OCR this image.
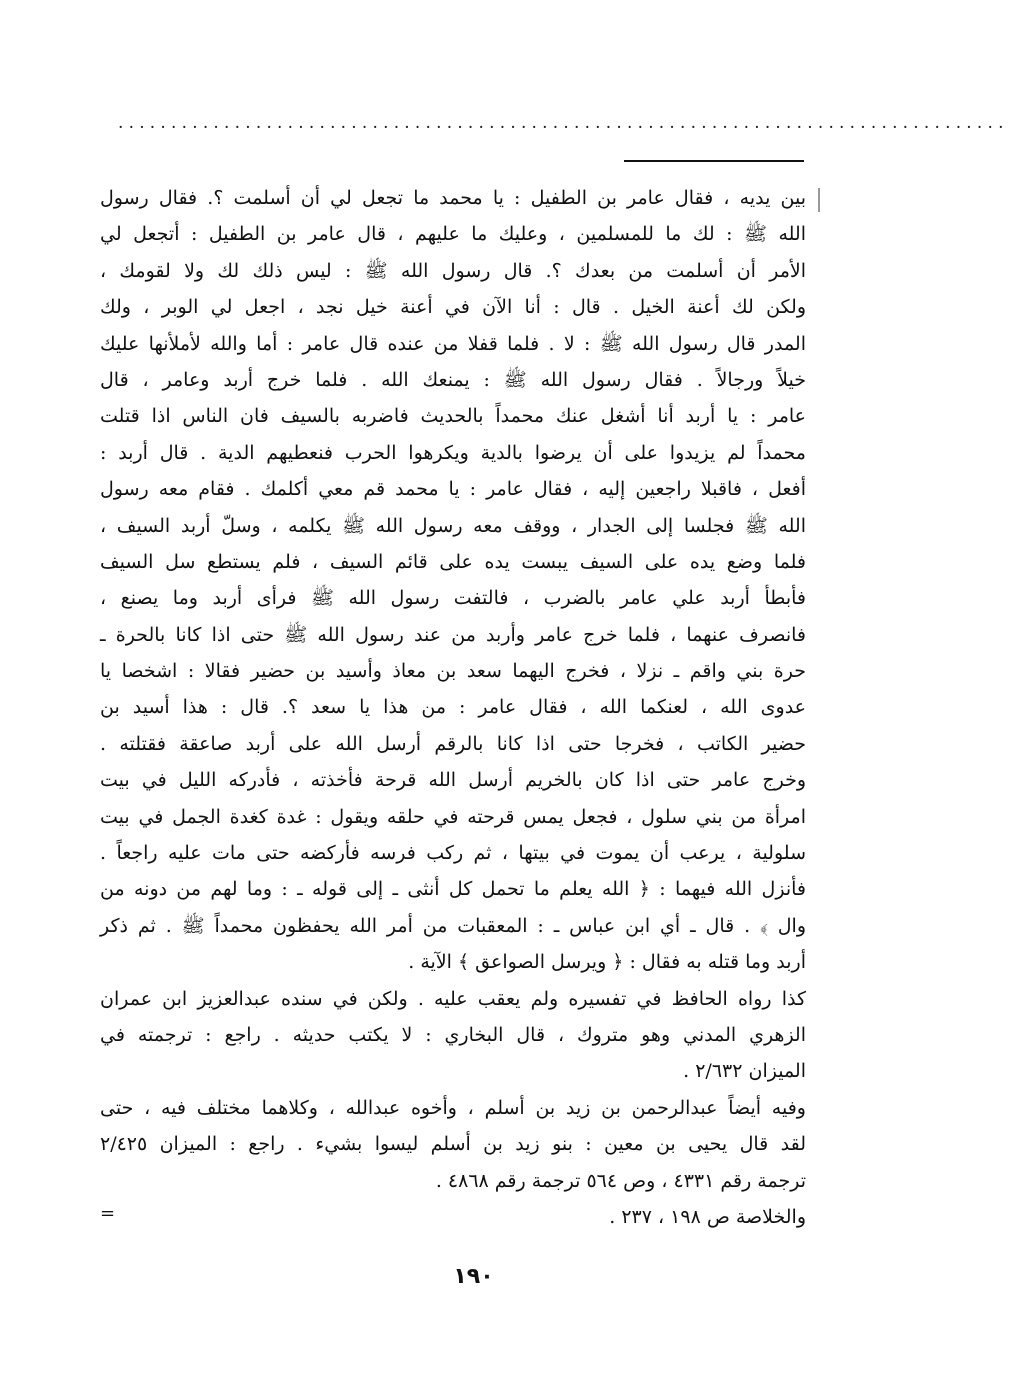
····················································································
بين يديه ، فقال عامر بن الطفيل : يا محمد ما تجعل لي أن أسلمت ؟. فقال رسول
الله ﷺ : لك ما للمسلمين ، وعليك ما عليهم ، قال عامر بن الطفيل : أتجعل لي
الأمر أن أسلمت من بعدك ؟. قال رسول الله ﷺ : ليس ذلك لك ولا لقومك ،
ولكن لك أعنة الخيل . قال : أنا الآن في أعنة خيل نجد ، اجعل لي الوبر ، ولك
المدر قال رسول الله ﷺ : لا . فلما قفلا من عنده قال عامر : أما والله لأملأنها عليك
خيلاً ورجالاً . فقال رسول الله ﷺ : يمنعك الله . فلما خرج أربد وعامر ، قال
عامر : يا أربد أنا أشغل عنك محمداً بالحديث فاضربه بالسيف فان الناس اذا قتلت
محمداً لم يزيدوا على أن يرضوا بالدية ويكرهوا الحرب فنعطيهم الدية . قال أربد :
أفعل ، فاقبلا راجعين إليه ، فقال عامر : يا محمد قم معي أكلمك . فقام معه رسول
الله ﷺ فجلسا إلى الجدار ، ووقف معه رسول الله ﷺ يكلمه ، وسلّ أربد السيف ،
فلما وضع يده على السيف يبست يده على قائم السيف ، فلم يستطع سل السيف
فأبطأ أربد علي عامر بالضرب ، فالتفت رسول الله ﷺ فرأى أربد وما يصنع ،
فانصرف عنهما ، فلما خرج عامر وأربد من عند رسول الله ﷺ حتى اذا كانا بالحرة ـ
حرة بني واقم ـ نزلا ، فخرج اليهما سعد بن معاذ وأسيد بن حضير فقالا : اشخصا يا
عدوى الله ، لعنكما الله ، فقال عامر : من هذا يا سعد ؟. قال : هذا أسيد بن
حضير الكاتب ، فخرجا حتى اذا كانا بالرقم أرسل الله على أربد صاعقة فقتلته .
وخرج عامر حتى اذا كان بالخريم أرسل الله قرحة فأخذته ، فأدركه الليل في بيت
امرأة من بني سلول ، فجعل يمس قرحته في حلقه ويقول : غدة كغدة الجمل في بيت
سلولية ، يرعب أن يموت في بيتها ، ثم ركب فرسه فأركضه حتى مات عليه راجعاً .
فأنزل الله فيهما : ﴿ الله يعلم ما تحمل كل أنثى ـ إلى قوله ـ : وما لهم من دونه من
وال ﴾ . قال ـ أي ابن عباس ـ : المعقبات من أمر الله يحفظون محمداً ﷺ . ثم ذكر
أربد وما قتله به فقال : ﴿ ويرسل الصواعق ﴾ الآية .
كذا رواه الحافظ في تفسيره ولم يعقب عليه . ولكن في سنده عبدالعزيز ابن عمران
الزهري المدني وهو متروك ، قال البخاري : لا يكتب حديثه . راجع : ترجمته في
الميزان ٢/٦٣٢ .
وفيه أيضاً عبدالرحمن بن زيد بن أسلم ، وأخوه عبدالله ، وكلاهما مختلف فيه ، حتى
لقد قال يحيى بن معين : بنو زيد بن أسلم ليسوا بشيء . راجع : الميزان ٢/٤٢٥
ترجمة رقم ٤٣٣١ ، وص ٥٦٤ ترجمة رقم ٤٨٦٨ .
والخلاصة ص ١٩٨ ، ٢٣٧ .
=
١٩٠
